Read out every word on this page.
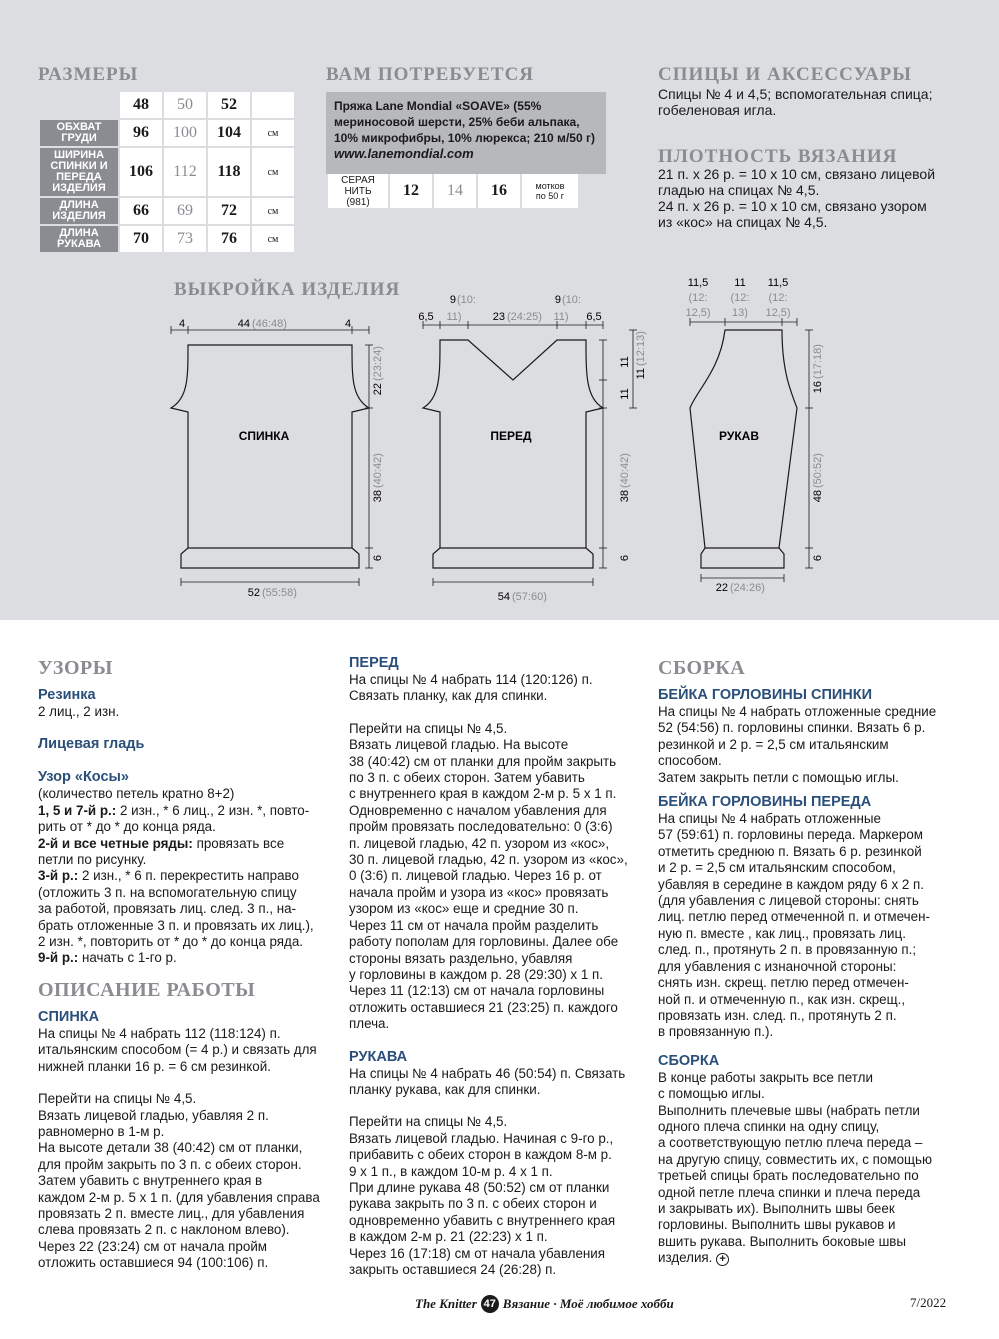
РАЗМЕРЫ
	48	50	52	
ОБХВАТ ГРУДИ	96	100	104	см
ШИРИНА СПИНКИ И ПЕРЕДА ИЗДЕЛИЯ	106	112	118	см
ДЛИНА ИЗДЕЛИЯ	66	69	72	см
ДЛИНА РУКАВА	70	73	76	см
ВАМ ПОТРЕБУЕТСЯ
Пряжа Lane Mondial «SOAVE» (55%
мериносовой шерсти, 25% беби альпака,
10% микрофибры, 10% люрекса; 210 м/50 г)
www.lanemondial.com
СЕРАЯ НИТЬ
(981)	12	14	16	мотков
по 50 г
СПИЦЫ И АКСЕССУАРЫ
Спицы № 4 и 4,5; вспомогательная спица;
гобеленовая игла.
ПЛОТНОСТЬ ВЯЗАНИЯ
21 п. x 26 р. = 10 x 10 см, связано лицевой
гладью на спицах № 4,5.
24 п. x 26 р. = 10 x 10 см, связано узором
из «кос» на спицах № 4,5.
ВЫКРОЙКА ИЗДЕЛИЯ
СПИНКА
4	44 (46:48)	4
22
(23:24)
38
(40:42)
6
52 (55:58)
ПЕРЕД
6,5
9 (10:
11)	23 (24:25)
9 (10:
11) 6,5
11
(12:13)
11
11
38
(40:42)
6
54 (57:60)
РУКАВ
11,5
(12:
12,5)
11
(12:
13)
11,5
(12:
12,5)
16
(17:18)
48
(50:52)
6
22 (24:26)

УЗОРЫ

Резинка

2 лиц., 2 изн.

Лицевая гладь

Узор «Косы»

(количество петель кратно 8+2)

1, 5 и 7-й р.: 2 изн., * 6 лиц., 2 изн. *, повто-

рить от * до * до конца ряда.

2-й и все четные ряды: провязать все

петли по рисунку.

3-й р.: 2 изн., * 6 п. перекрестить направо

(отложить 3 п. на вспомогательную спицу

за работой, провязать лиц. след. 3 п., на-

брать отложенные 3 п. и провязать их лиц.),

2 изн. *, повторить от * до * до конца ряда.

9-й р.: начать с 1-го р.

ОПИСАНИЕ РАБОТЫ

СПИНКА

На спицы № 4 набрать 112 (118:124) п.

итальянским способом (= 4 р.) и связать для

нижней планки 16 р. = 6 см резинкой.

Перейти на спицы № 4,5.

Вязать лицевой гладью, убавляя 2 п.

равномерно в 1-м р.

На высоте детали 38 (40:42) см от планки,

для пройм закрыть по 3 п. с обеих сторон.

Затем убавить с внутреннего края в

каждом 2-м р. 5 x 1 п. (для убавления справа

провязать 2 п. вместе лиц., для убавления

слева провязать 2 п. с наклоном влево).

Через 22 (23:24) см от начала пройм

отложить оставшиеся 94 (100:106) п.

ПЕРЕД

На спицы № 4 набрать 114 (120:126) п.

Связать планку, как для спинки.

Перейти на спицы № 4,5.

Вязать лицевой гладью. На высоте

38 (40:42) см от планки для пройм закрыть

по 3 п. с обеих сторон. Затем убавить

с внутреннего края в каждом 2-м р. 5 x 1 п.

Одновременно с началом убавления для

пройм провязать последовательно: 0 (3:6)

п. лицевой гладью, 42 п. узором из «кос»,

30 п. лицевой гладью, 42 п. узором из «кос»,

0 (3:6) п. лицевой гладью. Через 16 р. от

начала пройм и узора из «кос» провязать

узором из «кос» еще и средние 30 п.

Через 11 см от начала пройм разделить

работу пополам для горловины. Далее обе

стороны вязать раздельно, убавляя

у горловины в каждом р. 28 (29:30) x 1 п.

Через 11 (12:13) см от начала горловины

отложить оставшиеся 21 (23:25) п. каждого

плеча.

РУКАВА

На спицы № 4 набрать 46 (50:54) п. Связать

планку рукава, как для спинки.

Перейти на спицы № 4,5.

Вязать лицевой гладью. Начиная с 9-го р.,

прибавить с обеих сторон в каждом 8-м р.

9 x 1 п., в каждом 10-м р. 4 x 1 п.

При длине рукава 48 (50:52) см от планки

рукава закрыть по 3 п. с обеих сторон и

одновременно убавить с внутреннего края

в каждом 2-м р. 21 (22:23) x 1 п.

Через 16 (17:18) см от начала убавления

закрыть оставшиеся 24 (26:28) п.

СБОРКА

БЕЙКА ГОРЛОВИНЫ СПИНКИ

На спицы № 4 набрать отложенные средние

52 (54:56) п. горловины спинки. Вязать 6 р.

резинкой и 2 р. = 2,5 см итальянским

способом.

Затем закрыть петли с помощью иглы.

БЕЙКА ГОРЛОВИНЫ ПЕРЕДА

На спицы № 4 набрать отложенные

57 (59:61) п. горловины переда. Маркером

отметить среднюю п. Вязать 6 р. резинкой

и 2 р. = 2,5 см итальянским способом,

убавляя в середине в каждом ряду 6 x 2 п.

(для убавления с лицевой стороны: снять

лиц. петлю перед отмеченной п. и отмечен-

ную п. вместе , как лиц., провязать лиц.

след. п., протянуть 2 п. в провязанную п.;

для убавления с изнаночной стороны:

снять изн. скрещ. петлю перед отмечен-

ной п. и отмеченную п., как изн. скрещ.,

провязать изн. след. п., протянуть 2 п.

в провязанную п.).

СБОРКА

В конце работы закрыть все петли

с помощью иглы.

Выполнить плечевые швы (набрать петли

одного плеча спинки на одну спицу,

а соответствующую петлю плеча переда –

на другую спицу, совместить их, с помощью

третьей спицы брать последовательно по

одной петле плеча спинки и плеча переда

и закрывать их). Выполнить швы беек

горловины. Выполнить швы рукавов и

вшить рукава. Выполнить боковые швы

изделия. +

The Knitter 47 Вязание · Моё любимое хобби	7/2022
